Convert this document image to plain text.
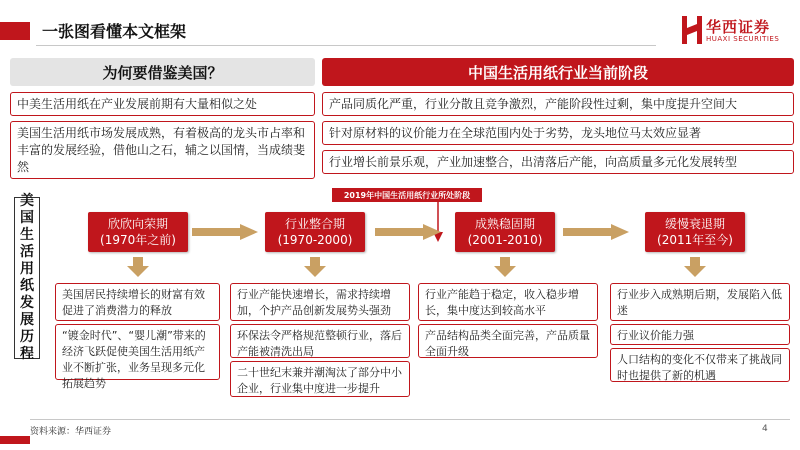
一张图看懂本文框架	华西证券
HUAXI SECURITIES
为何要借鉴美国？
中美生活用纸在产业发展前期有大量相似之处
美国生活用纸市场发展成熟，有着极高的龙头市占率和丰富的发展经验，借他山之石，辅之以国情，当成绩斐然
中国生活用纸行业当前阶段
产品同质化严重，行业分散且竞争激烈，产能阶段性过剩，集中度提升空间大
针对原材料的议价能力在全球范围内处于劣势，龙头地位马太效应显著
行业增长前景乐观，产业加速整合，出清落后产能，向高质量多元化发展转型
美
国
生
活
用
纸
发
展
历
程
2019年中国生活用纸行业所处阶段
欣欣向荣期
(1970年之前)
行业整合期
(1970-2000)
成熟稳固期
(2001-2010)
缓慢衰退期
(2011年至今)
美国居民持续增长的财富有效促进了消费潜力的释放
“镀金时代”、“婴儿潮”带来的经济飞跃促使美国生活用纸产业不断扩张，业务呈现多元化拓展趋势
行业产能快速增长，需求持续增加，个护产品创新发展势头强劲
环保法令严格规范整顿行业，落后产能被清洗出局
二十世纪末兼并潮淘汰了部分中小企业，行业集中度进一步提升
行业产能趋于稳定，收入稳步增长，集中度达到较高水平
产品结构品类全面完善，产品质量全面升级
行业步入成熟期后期，发展陷入低迷
行业议价能力强
人口结构的变化不仅带来了挑战同时也提供了新的机遇
资料来源：华西证券	4
